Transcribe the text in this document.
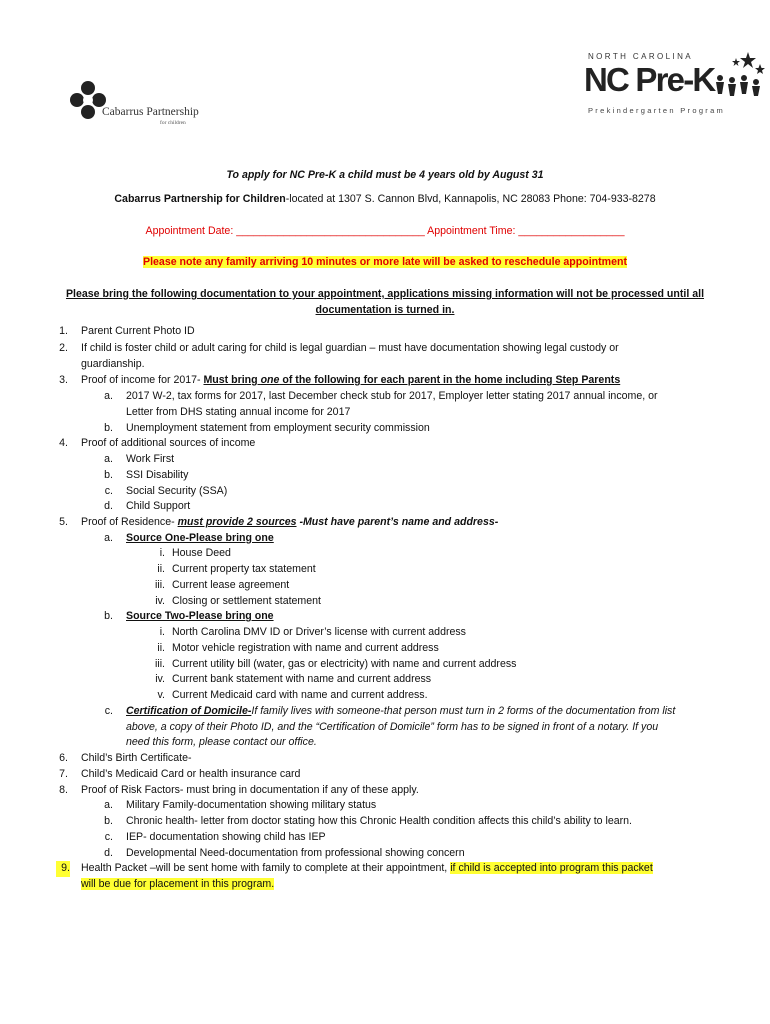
Cabarrus Partnership
for children
NORTH CAROLINA
NC Pre-K
Prekindergarten Program
To apply for NC Pre-K a child must be 4 years old by August 31
Cabarrus Partnership for Children-located at 1307 S. Cannon Blvd, Kannapolis, NC 28083 Phone: 704-933-8278
Appointment Date: ________________________________ Appointment Time: __________________
Please note any family arriving 10 minutes or more late will be asked to reschedule appointment
Please bring the following documentation to your appointment, applications missing information will not be processed until all
documentation is turned in.
1. Parent Current Photo ID
2. If child is foster child or adult caring for child is legal guardian – must have documentation showing legal custody or
guardianship.
3. Proof of income for 2017- Must bring one of the following for each parent in the home including Step Parents
a. 2017 W-2, tax forms for 2017, last December check stub for 2017, Employer letter stating 2017 annual income, or
Letter from DHS stating annual income for 2017
b. Unemployment statement from employment security commission
4. Proof of additional sources of income
a. Work First
b. SSI Disability
c. Social Security (SSA)
d. Child Support
5. Proof of Residence- must provide 2 sources -Must have parent’s name and address-
a. Source One-Please bring one
i. House Deed
ii. Current property tax statement
iii. Current lease agreement
iv. Closing or settlement statement
b. Source Two-Please bring one
i. North Carolina DMV ID or Driver’s license with current address
ii. Motor vehicle registration with name and current address
iii. Current utility bill (water, gas or electricity) with name and current address
iv. Current bank statement with name and current address
v. Current Medicaid card with name and current address.
c. Certification of Domicile-If family lives with someone-that person must turn in 2 forms of the documentation from list
above, a copy of their Photo ID, and the “Certification of Domicile” form has to be signed in front of a notary. If you
need this form, please contact our office.
6. Child’s Birth Certificate-
7. Child’s Medicaid Card or health insurance card
8. Proof of Risk Factors- must bring in documentation if any of these apply.
a. Military Family-documentation showing military status
b. Chronic health- letter from doctor stating how this Chronic Health condition affects this child’s ability to learn.
c. IEP- documentation showing child has IEP
d. Developmental Need-documentation from professional showing concern
9. Health Packet –will be sent home with family to complete at their appointment, if child is accepted into program this packet
will be due for placement in this program.
